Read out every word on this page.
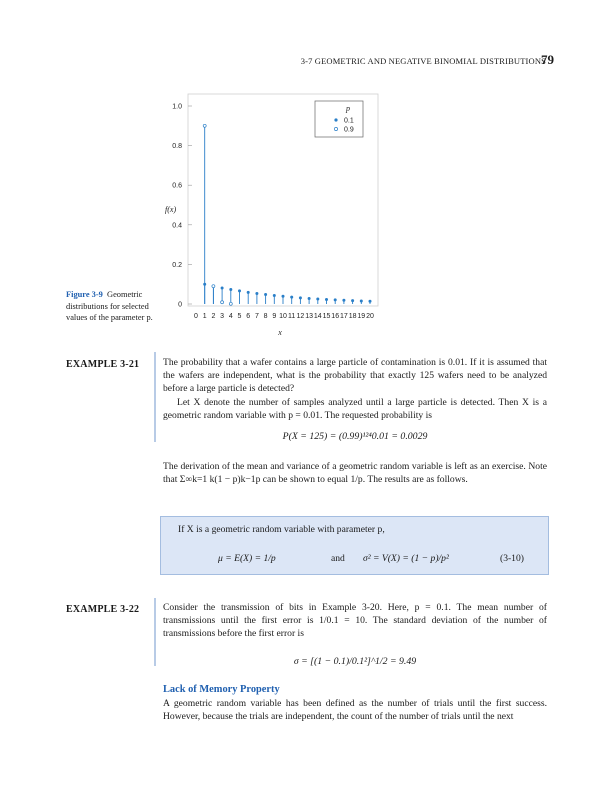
3-7 GEOMETRIC AND NEGATIVE BINOMIAL DISTRIBUTIONS
79
0
0.2
0.4
0.6
0.8
1.0
0 1 2 3 4 5 6 7 8 9 10 11 12 13 14 15 16 17 18 19 20
f(x)
x
p
0.1
0.9
Figure 3-9 Geometric distributions for selected values of the parameter p.
EXAMPLE 3-21 The probability that a wafer contains a large particle of contamination is 0.01. If it is assumed that the wafers are independent, what is the probability that exactly 125 wafers need to be analyzed before a large particle is detected?
Let X denote the number of samples analyzed until a large particle is detected. Then X is a geometric random variable with p = 0.01. The requested probability is
P(X = 125) = (0.99)¹²⁴0.01 = 0.0029
The derivation of the mean and variance of a geometric random variable is left as an exercise. Note that Σ∞k=1 k(1 − p)k−1p can be shown to equal 1/p. The results are as follows.
If X is a geometric random variable with parameter p,
μ = E(X) = 1/p	and σ² = V(X) = (1 − p)/p²	(3-10)
EXAMPLE 3-22 Consider the transmission of bits in Example 3-20. Here, p = 0.1. The mean number of transmissions until the first error is 1/0.1 = 10. The standard deviation of the number of transmissions before the first error is
σ = [(1 − 0.1)/0.1²]^1/2 = 9.49
Lack of Memory Property
A geometric random variable has been defined as the number of trials until the first success. However, because the trials are independent, the count of the number of trials until the next
